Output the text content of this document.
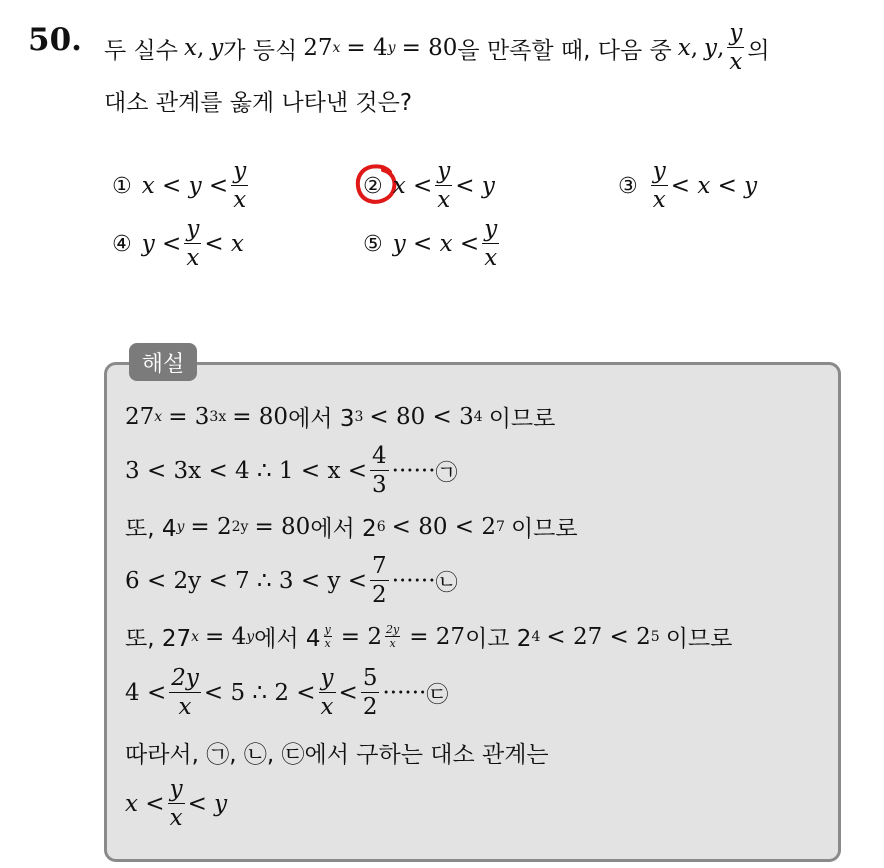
50. 두 실수 x , y 가 등식 27 x = 4 y = 80 을 만족할 때, 다음 중 x , y , $\frac{y}{x}$ 의
대소 관계를 옳게 나타낸 것은?
① $x < y < \frac{y}{x}$	② $x < \frac{y}{x} < y$	③ $\frac{y}{x} < x < y$
④ $y < \frac{y}{x} < x$	⑤ $y < x < \frac{y}{x}$
해설
27 x = 3 3x = 80 에서 3 3 < 80 < 3 4 이므로
3 < 3x < 4 ∴ $1 < x < \frac{4}{3}$ ······ ㉠
또, 4 y = 2 2y = 80 에서 2 6 < 80 < 2 7 이므로
6 < 2y < 7 ∴ $3 < y < \frac{7}{2}$ ······ ㉡
또, 27 x = 4 y 에서 $4 \frac{y}{x} = 2 \frac{2y}{x} = 27$ 이고 2 4 < 27 < 2 5 이므로
$4 < \frac{2y}{x} < 5$ ∴ $2 < \frac{y}{x} < \frac{5}{2}$ ······ ㉢
따라서, ㉠, ㉡, ㉢에서 구하는 대소 관계는
$x < \frac{y}{x} < y$
